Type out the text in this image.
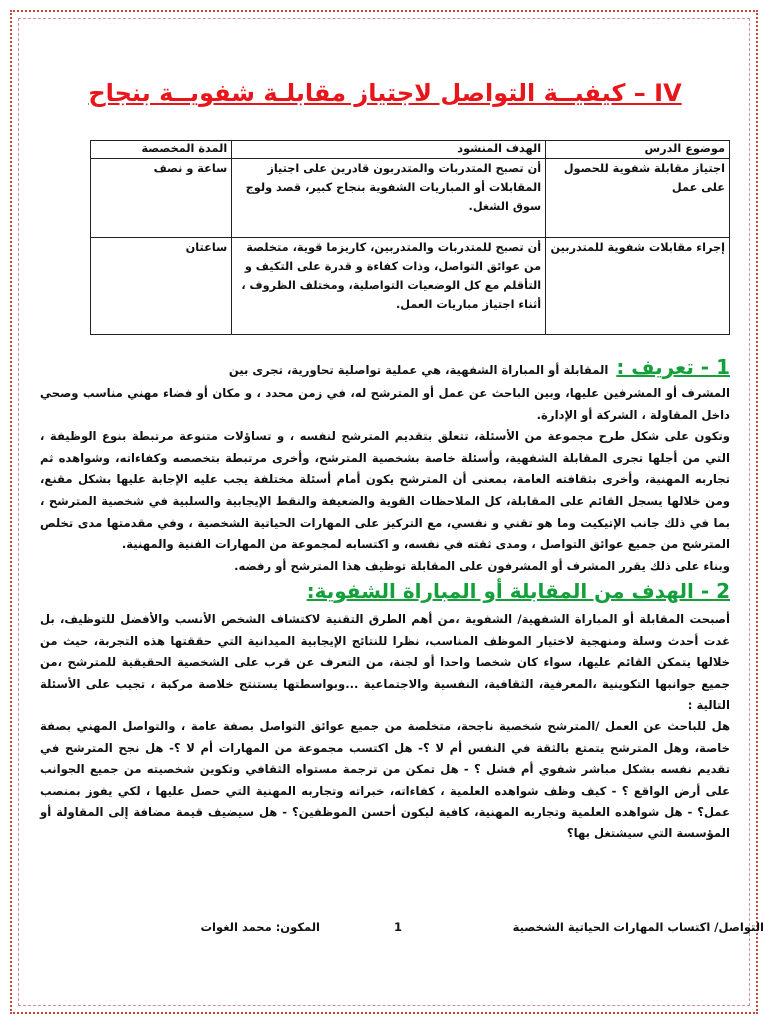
IV – كيفيــة التواصل لاجتياز مقابلـة شفويــة بنجاح
موضوع الدرس	الهدف المنشود	المدة المخصصة
اجتياز مقابلة شفوية للحصول على عمل	أن تصبح المتدربات والمتدربون قادرين على اجتياز المقابلات أو المباريات الشفوية بنجاح كبير، قصد ولوج سوق الشغل.	ساعة و نصف
إجراء مقابلات شفوية للمتدربين	أن تصبح للمتدربات والمتدربين، كاريزما قوية، متخلصة من عوائق التواصل، وذات كفاءة و قدرة على التكيف و التأقلم مع كل الوضعيات التواصلية، ومختلف الظروف ، أثناء اجتياز مباريات العمل.	ساعتان
1 - تعريف :
المقابلة أو المباراة الشفهية، هي عملية تواصلية تحاورية، تجرى بين

المشرف أو المشرفين عليها، وبين الباحث عن عمل أو المترشح له، في زمن محدد ، و مكان أو فضاء مهني مناسب وصحي داخل المقاولة ، الشركة أو الإدارة.

وتكون على شكل طرح مجموعة من الأسئلة، تتعلق بتقديم المترشح لنفسه ، و تساؤلات متنوعة مرتبطة بنوع الوظيفة ، التي من أجلها تجرى المقابلة الشفهية، وأسئلة خاصة بشخصية المترشح، وأخرى مرتبطة بتخصصه وكفاءاته، وشواهده ثم تجاربه المهنية، وأخرى بثقافته العامة، بمعنى أن المترشح يكون أمام أسئلة مختلفة يجب عليه الإجابة عليها بشكل مقنع، ومن خلالها يسجل القائم على المقابلة، كل الملاحظات القوية والضعيفة والنقط الإيجابية والسلبية في شخصية المترشح ، بما في ذلك جانب الإتيكيت وما هو تقني و نفسي، مع التركيز على المهارات الحياتية الشخصية ، وفي مقدمتها مدى تخلص المترشح من جميع عوائق التواصل ، ومدى ثقته في نفسه، و اكتسابه لمجموعة من المهارات الفنية والمهنية.

وبناء على ذلك يقرر المشرف أو المشرفون على المقابلة توظيف هذا المترشح أو رفضه.

2 - الهدف من المقابلة أو المباراة الشفوية:

أصبحت المقابلة أو المباراة الشفهية/ الشفوية ،من أهم الطرق التقنية لاكتشاف الشخص الأنسب والأفضل للتوظيف، بل غدت أحدث وسلة ومنهجية لاختيار الموظف المناسب، نظرا للنتائج الإيجابية الميدانية التي حققتها هذه التجربة، حيث من خلالها يتمكن القائم عليها، سواء كان شخصا واحدا أو لجنة، من التعرف عن قرب على الشخصية الحقيقية للمترشح ،من جميع جوانبها التكوينية ،المعرفية، الثقافية، النفسية والاجتماعية ...وبواسطتها يستنتج خلاصة مركبة ، تجيب على الأسئلة التالية :

هل للباحث عن العمل /المترشح شخصية ناجحة، متخلصة من جميع عوائق التواصل بصفة عامة ، والتواصل المهني بصفة خاصة، وهل المترشح يتمتع بالثقة في النفس أم لا ؟- هل اكتسب مجموعة من المهارات أم لا ؟- هل نجح المترشح في تقديم نفسه بشكل مباشر شفوي أم فشل ؟ - هل تمكن من ترجمة مستواه الثقافي وتكوين شخصيته من جميع الجوانب على أرض الواقع ؟ - كيف وظف شواهده العلمية ، كفاءاته، خبراته وتجاربه المهنية التي حصل عليها ، لكي يفوز بمنصب عمل؟ - هل شواهده العلمية وتجاربه المهنية، كافية ليكون أحسن الموظفين؟ - هل سيضيف قيمة مضافة إلى المقاولة أو المؤسسة التي سيشتغل بها؟

التواصل/ اكتساب المهارات الحياتية الشخصية
1
المكون: محمد الغوات
